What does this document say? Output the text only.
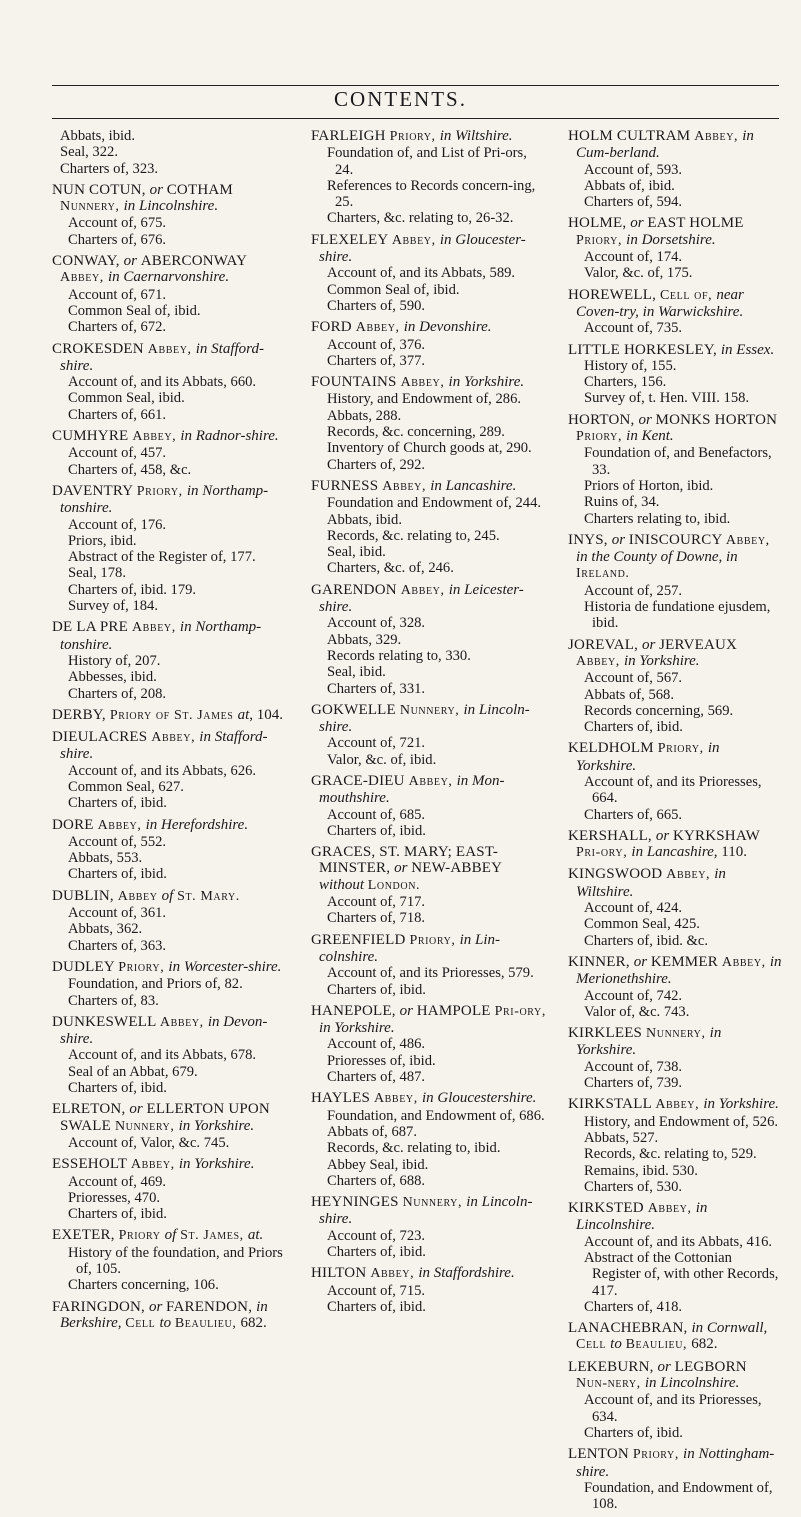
CONTENTS.
Abbats, ibid.
Seal, 322.
Charters of, 323.
NUN COTUN, or COTHAM Nunnery, in Lincolnshire.
Account of, 675.
Charters of, 676.
CONWAY, or ABERCONWAY Abbey, in Caernarvonshire.
Account of, 671.
Common Seal of, ibid.
Charters of, 672.
CROKESDEN Abbey, in Stafford-shire.
Account of, and its Abbats, 660.
Common Seal, ibid.
Charters of, 661.
CUMHYRE Abbey, in Radnor-shire.
Account of, 457.
Charters of, 458, &c.
DAVENTRY Priory, in Northamp-tonshire.
Account of, 176.
Priors, ibid.
Abstract of the Register of, 177.
Seal, 178.
Charters of, ibid. 179.
Survey of, 184.
DE LA PRE Abbey, in Northamp-tonshire.
History of, 207.
Abbesses, ibid.
Charters of, 208.
DERBY, Priory of St. James at, 104.
DIEULACRES Abbey, in Stafford-shire.
Account of, and its Abbats, 626.
Common Seal, 627.
Charters of, ibid.
DORE Abbey, in Herefordshire.
Account of, 552.
Abbats, 553.
Charters of, ibid.
DUBLIN, Abbey of St. Mary.
Account of, 361.
Abbats, 362.
Charters of, 363.
DUDLEY Priory, in Worcester-shire.
Foundation, and Priors of, 82.
Charters of, 83.
DUNKESWELL Abbey, in Devon-shire.
Account of, and its Abbats, 678.
Seal of an Abbat, 679.
Charters of, ibid.
ELRETON, or ELLERTON UPON SWALE Nunnery, in Yorkshire.
Account of, Valor, &c. 745.
ESSEHOLT Abbey, in Yorkshire.
Account of, 469.
Prioresses, 470.
Charters of, ibid.
EXETER, Priory of St. James, at.
History of the foundation, and Priors of, 105.
Charters concerning, 106.
FARINGDON, or FARENDON, in Berkshire, Cell to Beaulieu, 682.
FARLEIGH Priory, in Wiltshire.
Foundation of, and List of Pri-ors, 24.
References to Records concern-ing, 25.
Charters, &c. relating to, 26-32.
FLEXELEY Abbey, in Gloucester-shire.
Account of, and its Abbats, 589.
Common Seal of, ibid.
Charters of, 590.
FORD Abbey, in Devonshire.
Account of, 376.
Charters of, 377.
FOUNTAINS Abbey, in Yorkshire.
History, and Endowment of, 286.
Abbats, 288.
Records, &c. concerning, 289.
Inventory of Church goods at, 290.
Charters of, 292.
FURNESS Abbey, in Lancashire.
Foundation and Endowment of, 244.
Abbats, ibid.
Records, &c. relating to, 245.
Seal, ibid.
Charters, &c. of, 246.
GARENDON Abbey, in Leicester-shire.
Account of, 328.
Abbats, 329.
Records relating to, 330.
Seal, ibid.
Charters of, 331.
GOKWELLE Nunnery, in Lincoln-shire.
Account of, 721.
Valor, &c. of, ibid.
GRACE-DIEU Abbey, in Mon-mouthshire.
Account of, 685.
Charters of, ibid.
GRACES, ST. MARY; EAST-MINSTER, or NEW-ABBEY without London.
Account of, 717.
Charters of, 718.
GREENFIELD Priory, in Lin-colnshire.
Account of, and its Prioresses, 579.
Charters of, ibid.
HANEPOLE, or HAMPOLE Pri-ory, in Yorkshire.
Account of, 486.
Prioresses of, ibid.
Charters of, 487.
HAYLES Abbey, in Gloucestershire.
Foundation, and Endowment of, 686.
Abbats of, 687.
Records, &c. relating to, ibid.
Abbey Seal, ibid.
Charters of, 688.
HEYNINGES Nunnery, in Lincoln-shire.
Account of, 723.
Charters of, ibid.
HILTON Abbey, in Staffordshire.
Account of, 715.
Charters of, ibid.
HOLM CULTRAM Abbey, in Cum-berland.
Account of, 593.
Abbats of, ibid.
Charters of, 594.
HOLME, or EAST HOLME Priory, in Dorsetshire.
Account of, 174.
Valor, &c. of, 175.
HOREWELL, Cell of, near Coven-try, in Warwickshire.
Account of, 735.
LITTLE HORKESLEY, in Essex.
History of, 155.
Charters, 156.
Survey of, t. Hen. VIII. 158.
HORTON, or MONKS HORTON Priory, in Kent.
Foundation of, and Benefactors, 33.
Priors of Horton, ibid.
Ruins of, 34.
Charters relating to, ibid.
INYS, or INISCOURCY Abbey, in the County of Downe, in Ireland.
Account of, 257.
Historia de fundatione ejusdem, ibid.
JOREVAL, or JERVEAUX Abbey, in Yorkshire.
Account of, 567.
Abbats of, 568.
Records concerning, 569.
Charters of, ibid.
KELDHOLM Priory, in Yorkshire.
Account of, and its Prioresses, 664.
Charters of, 665.
KERSHALL, or KYRKSHAW Pri-ory, in Lancashire, 110.
KINGSWOOD Abbey, in Wiltshire.
Account of, 424.
Common Seal, 425.
Charters of, ibid. &c.
KINNER, or KEMMER Abbey, in Merionethshire.
Account of, 742.
Valor of, &c. 743.
KIRKLEES Nunnery, in Yorkshire.
Account of, 738.
Charters of, 739.
KIRKSTALL Abbey, in Yorkshire.
History, and Endowment of, 526.
Abbats, 527.
Records, &c. relating to, 529.
Remains, ibid. 530.
Charters of, 530.
KIRKSTED Abbey, in Lincolnshire.
Account of, and its Abbats, 416.
Abstract of the Cottonian Register of, with other Records, 417.
Charters of, 418.
LANACHEBRAN, in Cornwall, Cell to Beaulieu, 682.
LEKEBURN, or LEGBORN Nun-nery, in Lincolnshire.
Account of, and its Prioresses, 634.
Charters of, ibid.
LENTON Priory, in Nottingham-shire.
Foundation, and Endowment of, 108.
